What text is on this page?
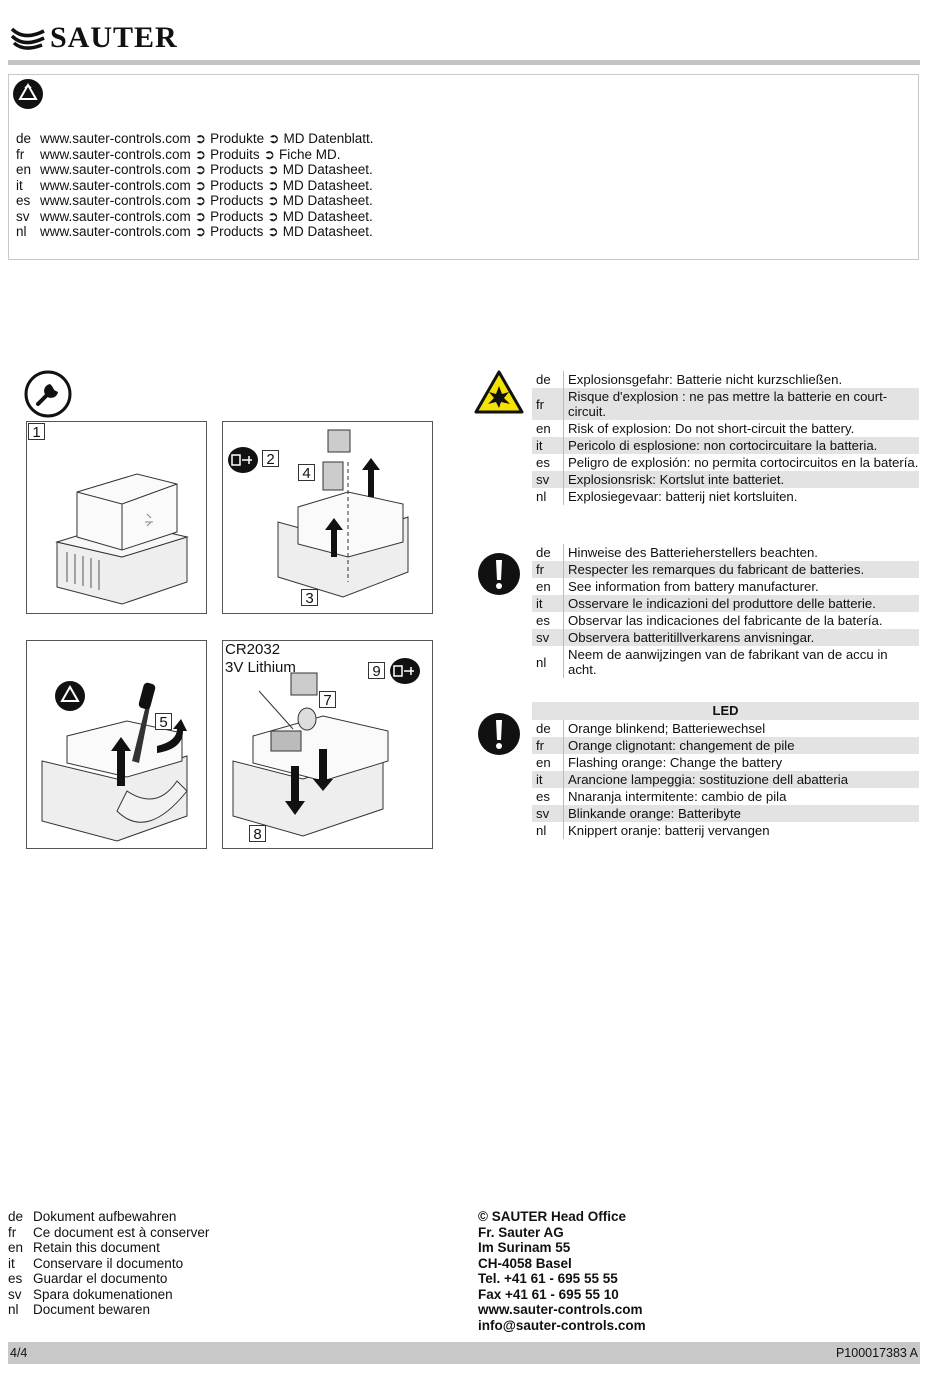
SAUTER
de www.sauter-controls.com ➲ Produkte ➲ MD Datenblatt.
fr www.sauter-controls.com ➲ Produits ➲ Fiche MD.
en www.sauter-controls.com ➲ Products ➲ MD Datasheet.
it www.sauter-controls.com ➲ Products ➲ MD Datasheet.
es www.sauter-controls.com ➲ Products ➲ MD Datasheet.
sv www.sauter-controls.com ➲ Products ➲ MD Datasheet.
nl www.sauter-controls.com ➲ Products ➲ MD Datasheet.
1
2
4
3
5
CR2032
3V Lithium
7
8
9
de	Explosionsgefahr: Batterie nicht kurzschließen.
fr	Risque d'explosion : ne pas mettre la batterie en court-circuit.
en	Risk of explosion: Do not short-circuit the battery.
it	Pericolo di esplosione: non cortocircuitare la batteria.
es	Peligro de explosión: no permita cortocircuitos en la batería.
sv	Explosionsrisk: Kortslut inte batteriet.
nl	Explosiegevaar: batterij niet kortsluiten.
de	Hinweise des Batterieherstellers beachten.
fr	Respecter les remarques du fabricant de batteries.
en	See information from battery manufacturer.
it	Osservare le indicazioni del produttore delle batterie.
es	Observar las indicaciones del fabricante de la batería.
sv	Observera batteritillverkarens anvisningar.
nl	Neem de aanwijzingen van de fabrikant van de accu in acht.
LED
de	Orange blinkend; Batteriewechsel
fr	Orange clignotant: changement de pile
en	Flashing orange: Change the battery
it	Arancione lampeggia: sostituzione dell abatteria
es	Nnaranja intermitente: cambio de pila
sv	Blinkande orange: Batteribyte
nl	Knippert oranje: batterij vervangen
de Dokument aufbewahren
fr Ce document est à conserver
en Retain this document
it Conservare il documento
es Guardar el documento
sv Spara dokumenationen
nl Document bewaren
© SAUTER Head Office
Fr. Sauter AG
Im Surinam 55
CH-4058 Basel
Tel. +41 61 - 695 55 55
Fax +41 61 - 695 55 10
www.sauter-controls.com
info@sauter-controls.com
4/4	P100017383 A
